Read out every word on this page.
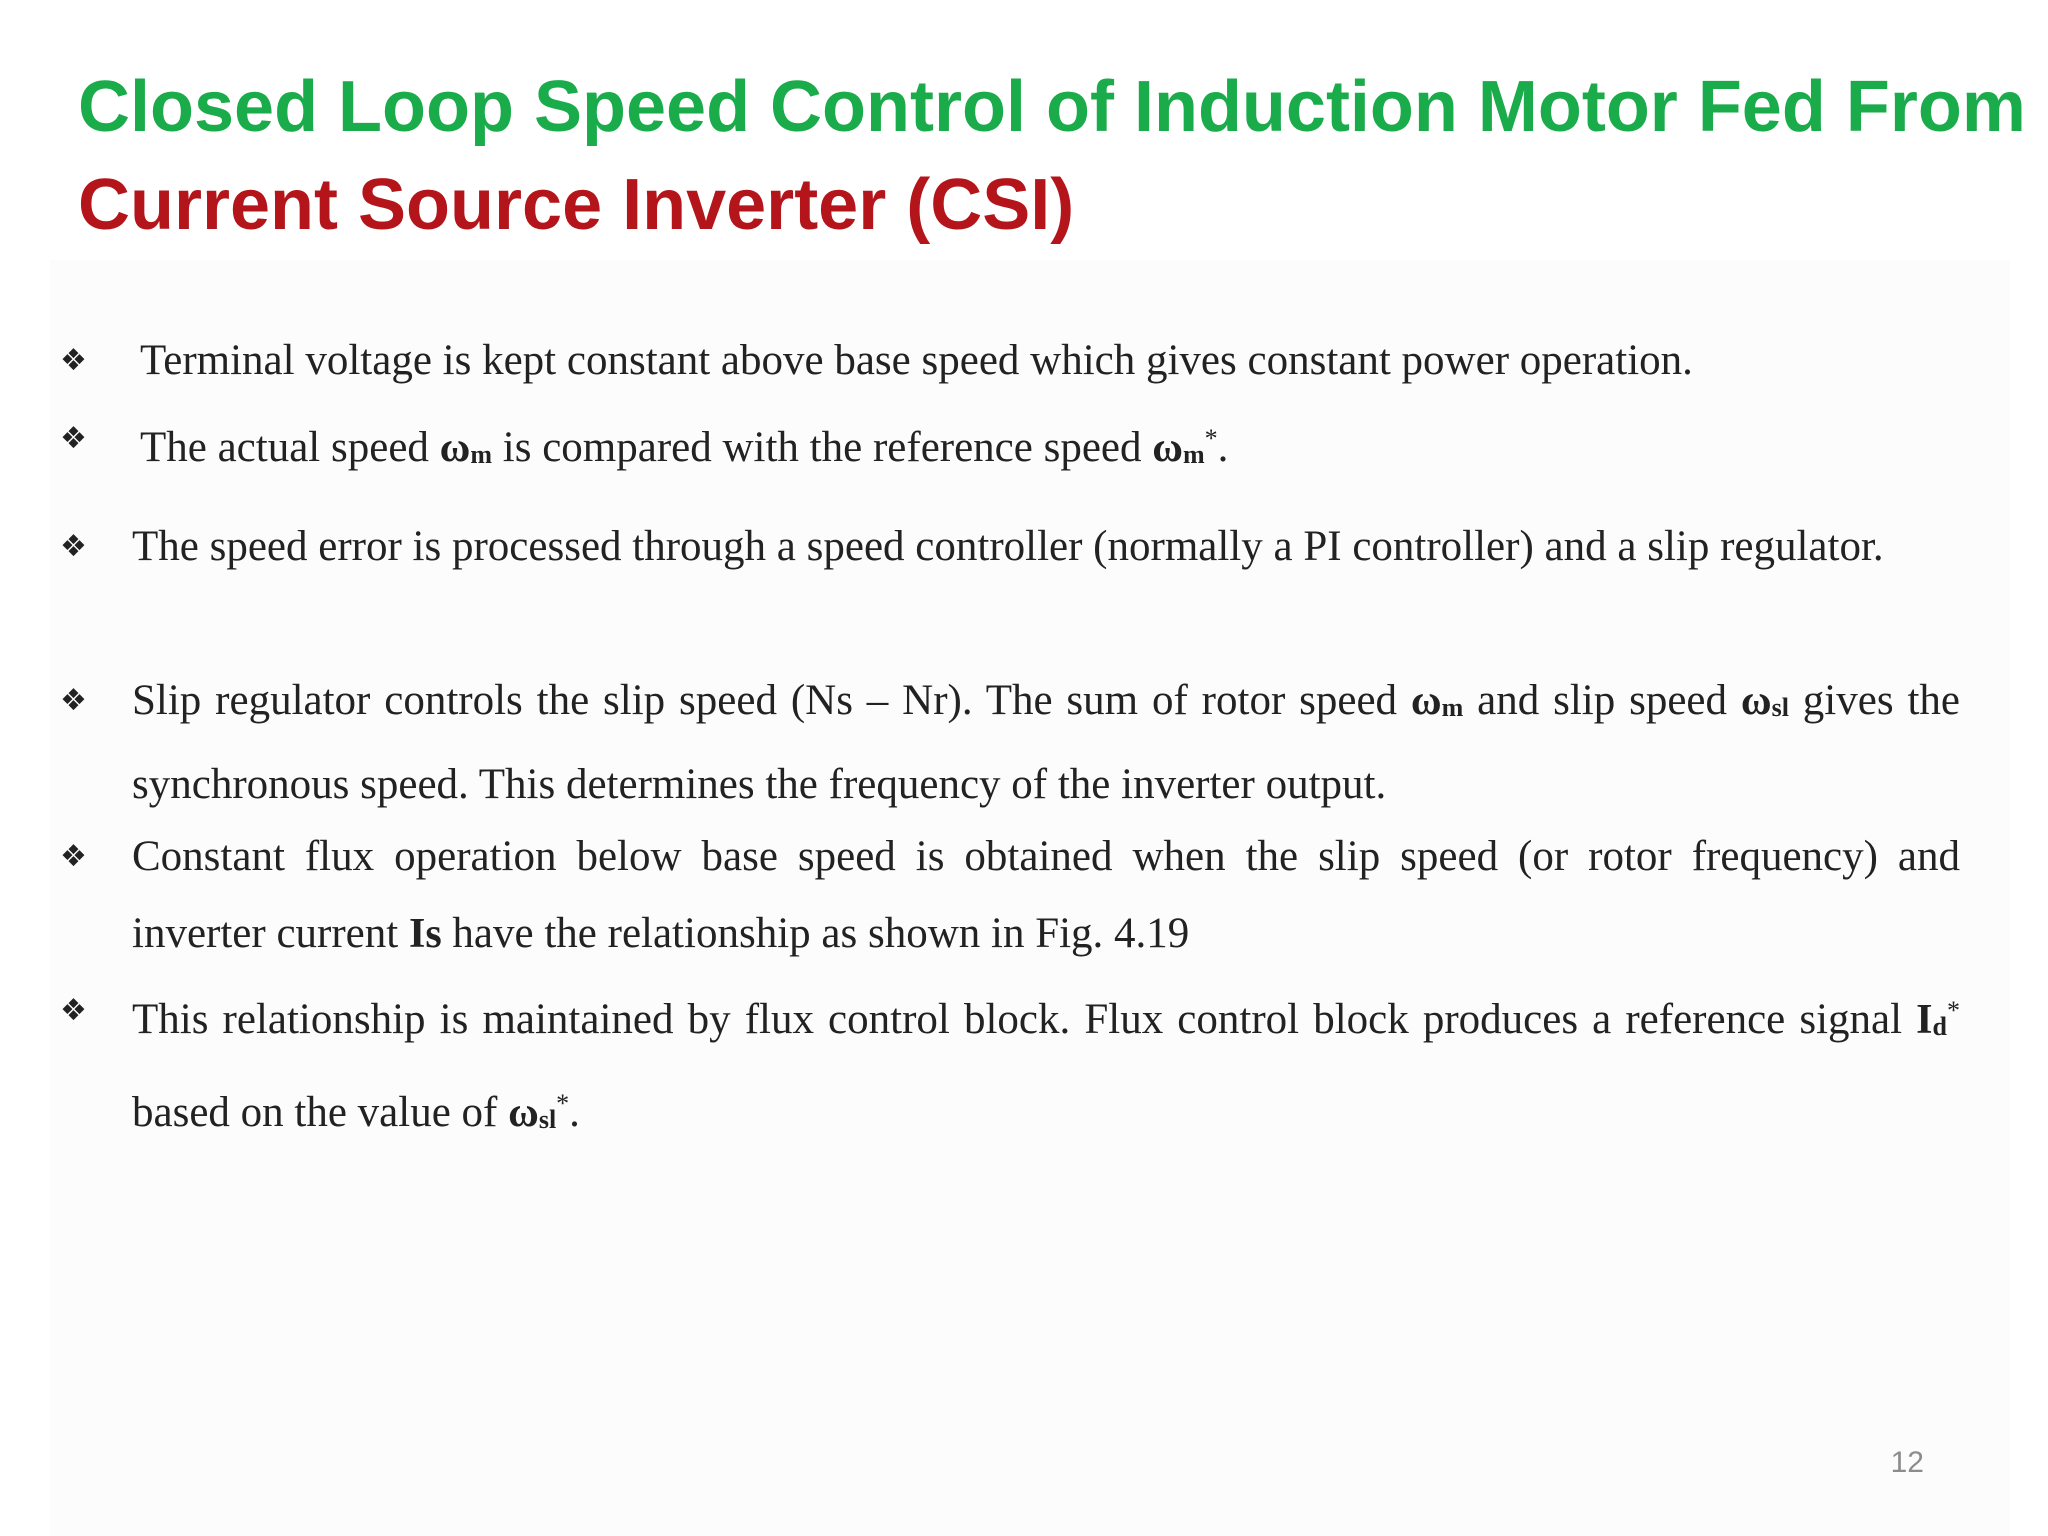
Closed Loop Speed Control of Induction Motor Fed From
Current Source Inverter (CSI)
❖	Terminal voltage is kept constant above base speed which gives constant power operation.
❖	The actual speed ωm is compared with the reference speed ωm*.
❖	The speed error is processed through a speed controller (normally a PI controller) and a slip regulator.
❖	Slip regulator controls the slip speed (Ns – Nr). The sum of rotor speed ωm and slip speed ωsl gives the synchronous speed. This determines the frequency of the inverter output.
❖	Constant flux operation below base speed is obtained when the slip speed (or rotor frequency) and inverter current Is have the relationship as shown in Fig. 4.19
❖	This relationship is maintained by flux control block. Flux control block produces a reference signal Id* based on the value of ωsl*.
12
